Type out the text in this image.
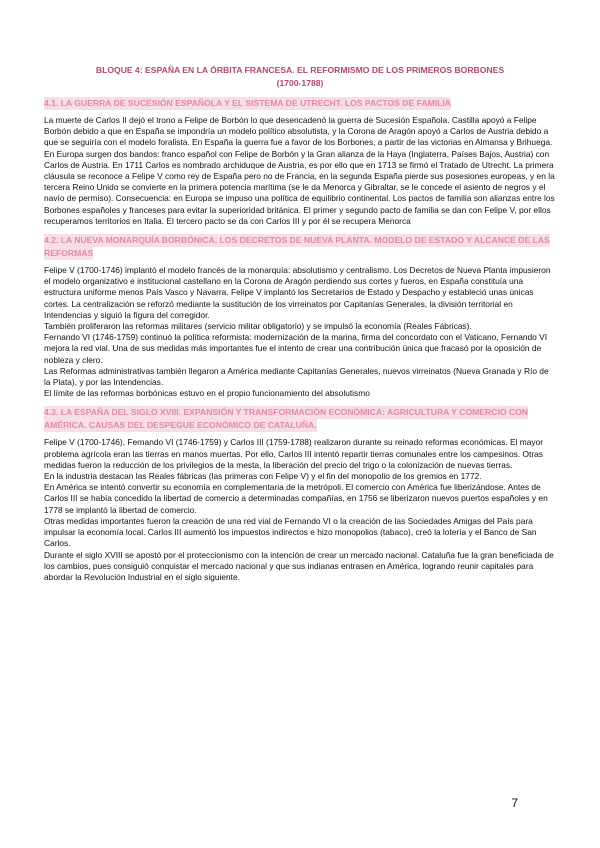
BLOQUE 4: ESPAÑA EN LA ÓRBITA FRANCESA. EL REFORMISMO DE LOS PRIMEROS BORBONES
(1700-1788)
4.1. LA GUERRA DE SUCESIÓN ESPAÑOLA Y EL SISTEMA DE UTRECHT. LOS PACTOS DE FAMILIA

La muerte de Carlos II dejó el trono a Felipe de Borbón lo que desencadenó la guerra de Sucesión Española. Castilla apoyó a Felipe Borbón debido a que en España se impondría un modelo político absolutista, y la Corona de Aragón apoyó a Carlos de Austria debido a que se seguiría con el modelo foralista. En España la guerra fue a favor de los Borbones, a partir de las victorias en Almansa y Brihuega.

En Europa surgen dos bandos: franco español con Felipe de Borbón y la Gran alianza de la Haya (Inglaterra, Países Bajos, Austria) con Carlos de Austria. En 1711 Carlos es nombrado archiduque de Austria, es por ello que en 1713 se firmó el Tratado de Utrecht. La primera cláusula se reconoce a Felipe V como rey de España pero no de Francia, en la segunda España pierde sus posesiones europeas, y en la tercera Reino Unido se convierte en la primera potencia marítima (se le da Menorca y Gibraltar, se le concede el asiento de negros y el navío de permiso). Consecuencia: en Europa se impuso una política de equilibrio continental. Los pactos de familia son alianzas entre los Borbones españoles y franceses para evitar la superioridad británica. El primer y segundo pacto de familia se dan con Felipe V, por ellos recuperamos territorios en Italia. El tercero pacto se da con Carlos III y por él se recupera Menorca

4.2. LA NUEVA MONARQUÍA BORBÓNICA. LOS DECRETOS DE NUEVA PLANTA. MODELO DE ESTADO Y ALCANCE DE LAS REFORMAS

Felipe V (1700-1746) implantó el modelo francés de la monarquía: absolutismo y centralismo. Los Decretos de Nueva Planta impusieron el modelo organizativo e institucional castellano en la Corona de Aragón perdiendo sus cortes y fueros, en España constituía una estructura uniforme menos País Vasco y Navarra. Felipe V implantó los Secretarios de Estado y Despacho y estableció unas únicas cortes. La centralización se reforzó mediante la sustitución de los virreinatos por Capitanías Generales, la división territorial en Intendencias y siguió la figura del corregidor.

También proliferaron las reformas militares (servicio militar obligatorio) y se impulsó la economía (Reales Fábricas).

Fernando VI (1746-1759) continuó la política reformista: modernización de la marina, firma del concordato con el Vaticano, Fernando VI mejora la red vial. Una de sus medidas más importantes fue el intento de crear una contribución única que fracasó por la oposición de nobleza y clero.

Las Reformas administrativas también llegaron a América mediante Capitanías Generales, nuevos virreinatos (Nueva Granada y Río de la Plata), y por las Intendencias.

El límite de las reformas borbónicas estuvo en el propio funcionamiento del absolutismo

4.3. LA ESPAÑA DEL SIGLO XVIII. EXPANSIÓN Y TRANSFORMACIÓN ECONÓMICA: AGRICULTURA Y COMERCIO CON AMÉRICA. CAUSAS DEL DESPEGUE ECONÓMICO DE CATALUÑA.

Felipe V (1700-1746), Fernando VI (1746-1759) y Carlos III (1759-1788) realizaron durante su reinado reformas económicas. El mayor problema agrícola eran las tierras en manos muertas. Por ello, Carlos III intentó repartir tierras comunales entre los campesinos. Otras medidas fueron la reducción de los privilegios de la mesta, la liberación del precio del trigo o la colonización de nuevas tierras.

En la industria destacan las Reales fábricas (las primeras con Felipe V) y el fin del monopolio de los gremios en 1772.

En América se intentó convertir su economía en complementaria de la metrópoli. El comercio con América fue liberizándose. Antes de Carlos III se había concedido la libertad de comercio a determinadas compañías, en 1756 se liberizaron nuevos puertos españoles y en 1778 se implantó la libertad de comercio.

Otras medidas importantes fueron la creación de una red vial de Fernando VI o la creación de las Sociedades Amigas del País para impulsar la economía local. Carlos III aumentó los impuestos indirectos e hizo monopolios (tabaco), creó la lotería y el Banco de San Carlos.

Durante el siglo XVIII se apostó por el proteccionismo con la intención de crear un mercado nacional. Cataluña fue la gran beneficiada de los cambios, pues consiguió conquistar el mercado nacional y que sus indianas entrasen en América, logrando reunir capitales para abordar la Revolución Industrial en el siglo siguiente.

7
